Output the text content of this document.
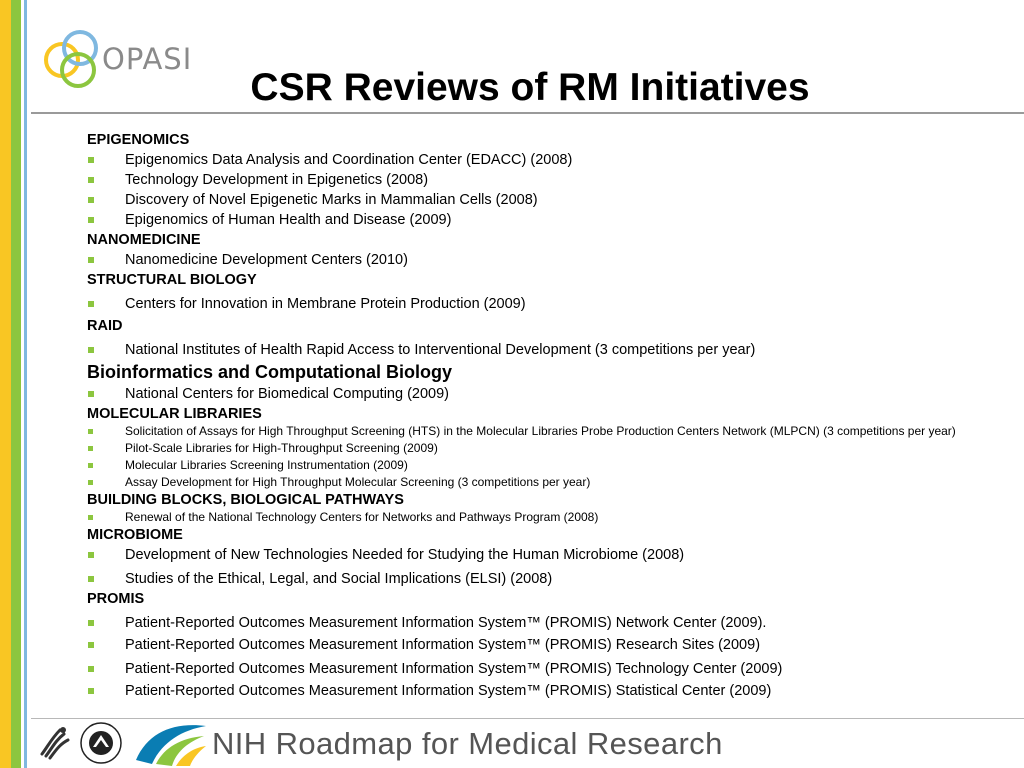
OPASI
CSR Reviews of RM Initiatives
EPIGENOMICS
Epigenomics Data Analysis and Coordination Center (EDACC) (2008)
Technology Development in Epigenetics (2008)
Discovery of Novel Epigenetic Marks in Mammalian Cells (2008)
Epigenomics of Human Health and Disease (2009)
NANOMEDICINE
Nanomedicine Development Centers (2010)
STRUCTURAL BIOLOGY
Centers for Innovation in Membrane Protein Production (2009)
RAID
National Institutes of Health Rapid Access to Interventional Development (3 competitions per year)
Bioinformatics and Computational Biology
National Centers for Biomedical Computing (2009)
MOLECULAR LIBRARIES
Solicitation of Assays for High Throughput Screening (HTS) in the Molecular Libraries Probe Production Centers Network (MLPCN) (3 competitions per year)
Pilot-Scale Libraries for High-Throughput Screening (2009)
Molecular Libraries Screening Instrumentation (2009)
Assay Development for High Throughput Molecular Screening (3 competitions per year)
BUILDING BLOCKS, BIOLOGICAL PATHWAYS
Renewal of the National Technology Centers for Networks and Pathways Program (2008)
MICROBIOME
Development of New Technologies Needed for Studying the Human Microbiome (2008)
Studies of the Ethical, Legal, and Social Implications (ELSI) (2008)
PROMIS
Patient-Reported Outcomes Measurement Information System™ (PROMIS) Network Center (2009).
Patient-Reported Outcomes Measurement Information System™ (PROMIS) Research Sites (2009)
Patient-Reported Outcomes Measurement Information System™ (PROMIS) Technology Center (2009)
Patient-Reported Outcomes Measurement Information System™ (PROMIS) Statistical Center (2009)
NIH Roadmap for Medical Research
